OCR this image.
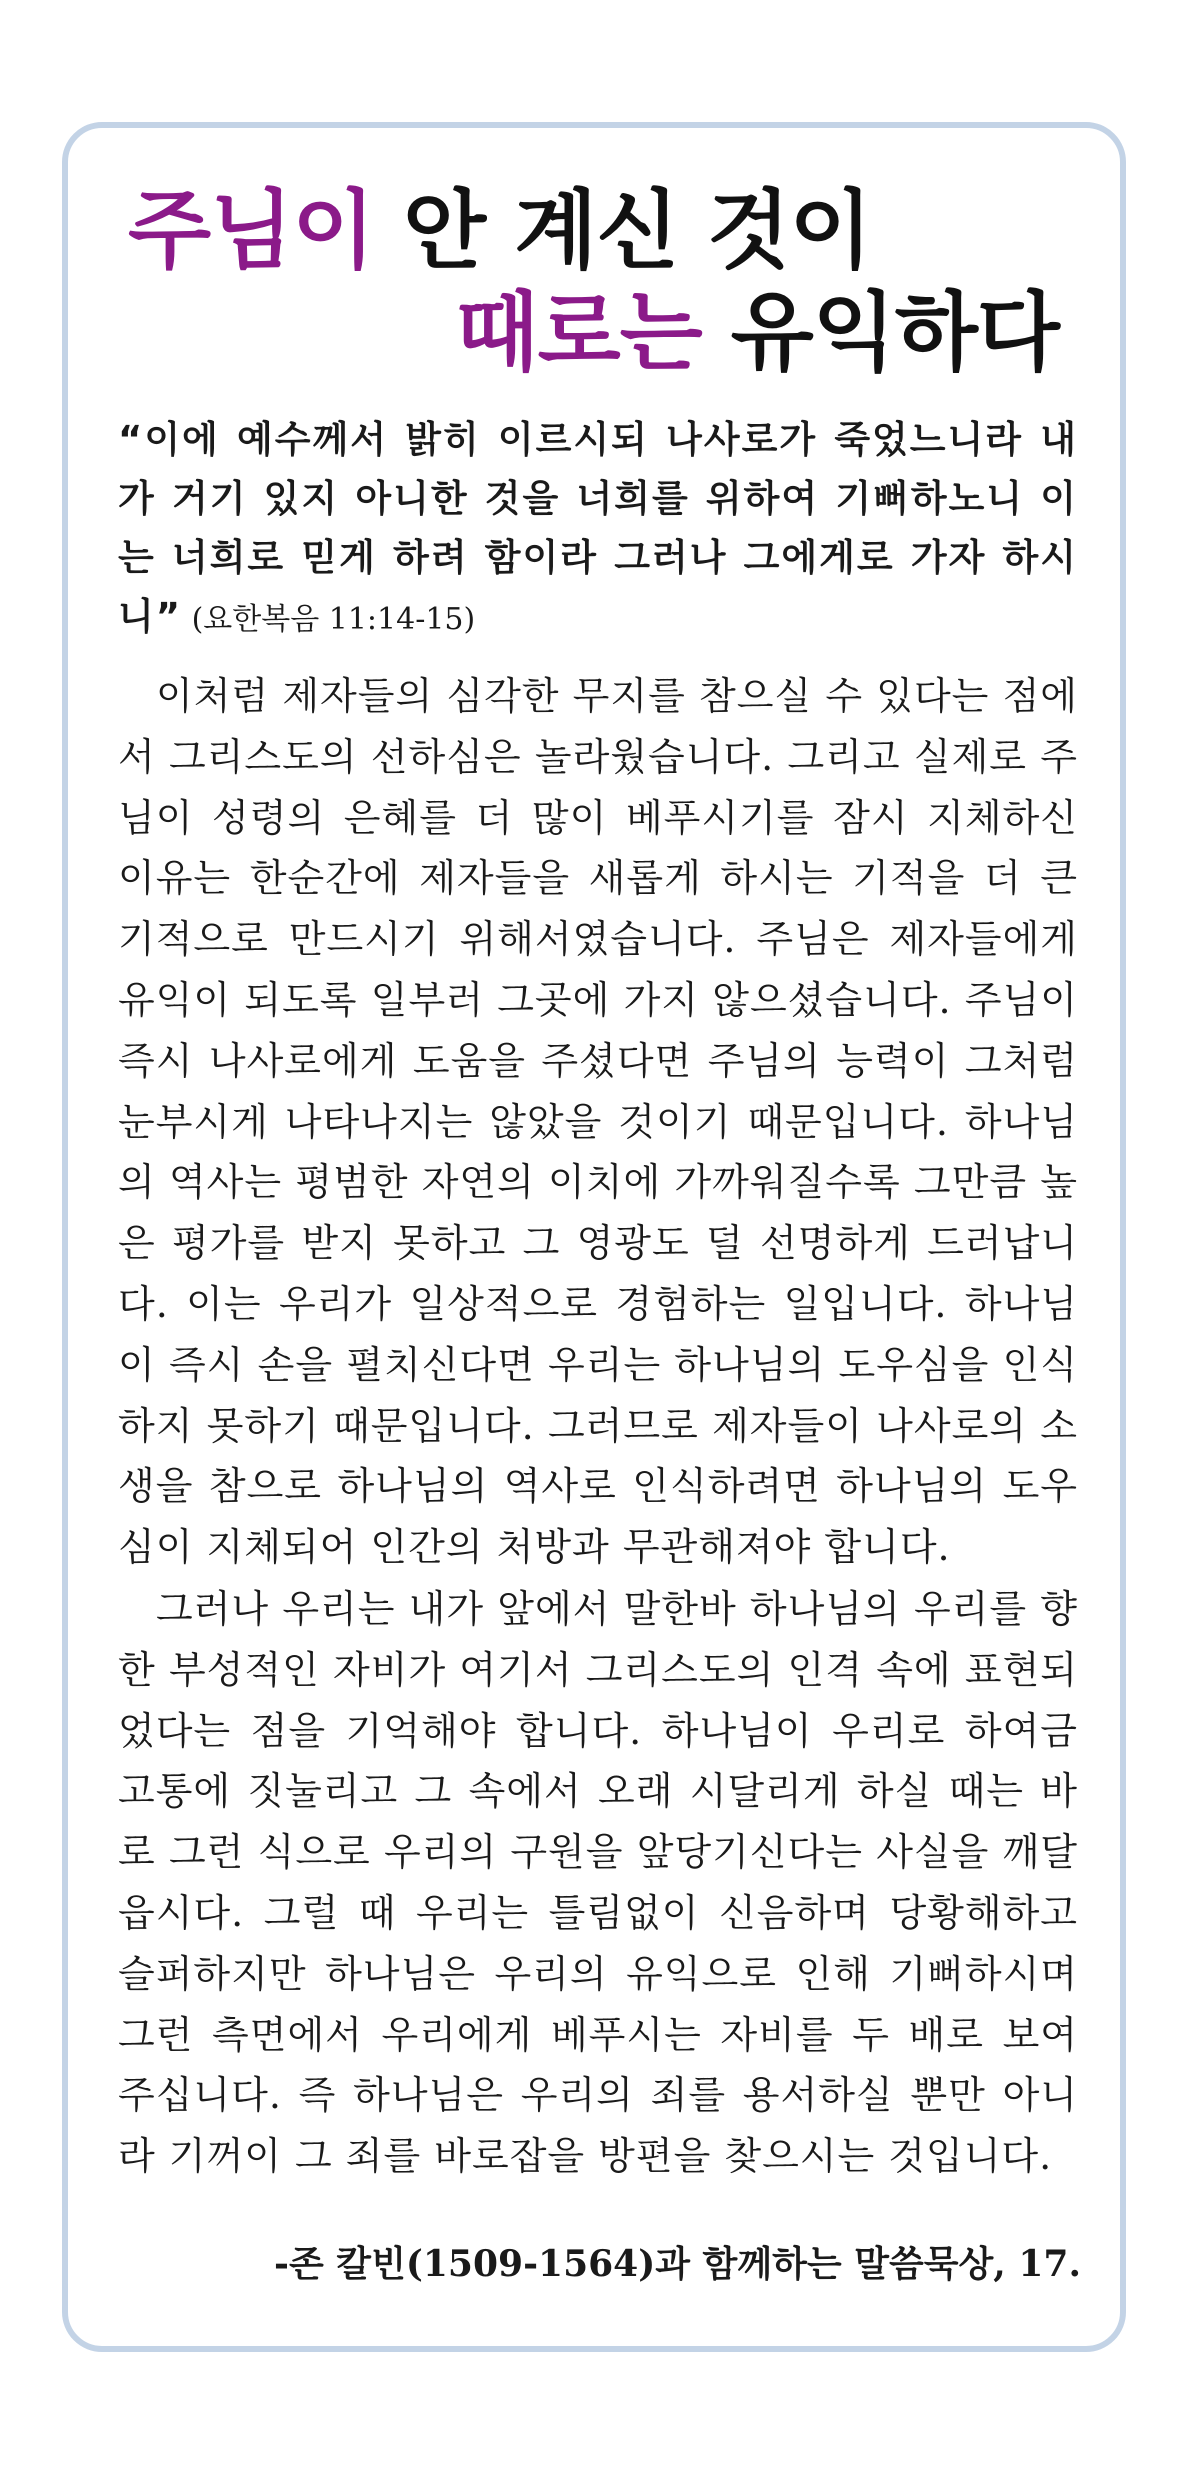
주님이 안 계신 것이
때로는 유익하다
“이에 예수께서 밝히 이르시되 나사로가 죽었느니라 내가 거기 있지 아니한 것을 너희를 위하여 기뻐하노니 이는 너희로 믿게 하려 함이라 그러나 그에게로 가자 하시니” (요한복음 11:14-15)

이처럼 제자들의 심각한 무지를 참으실 수 있다는 점에서 그리스도의 선하심은 놀라웠습니다. 그리고 실제로 주님이 성령의 은혜를 더 많이 베푸시기를 잠시 지체하신 이유는 한순간에 제자들을 새롭게 하시는 기적을 더 큰 기적으로 만드시기 위해서였습니다. 주님은 제자들에게 유익이 되도록 일부러 그곳에 가지 않으셨습니다. 주님이 즉시 나사로에게 도움을 주셨다면 주님의 능력이 그처럼 눈부시게 나타나지는 않았을 것이기 때문입니다. 하나님의 역사는 평범한 자연의 이치에 가까워질수록 그만큼 높은 평가를 받지 못하고 그 영광도 덜 선명하게 드러납니다. 이는 우리가 일상적으로 경험하는 일입니다. 하나님이 즉시 손을 펼치신다면 우리는 하나님의 도우심을 인식하지 못하기 때문입니다. 그러므로 제자들이 나사로의 소생을 참으로 하나님의 역사로 인식하려면 하나님의 도우심이 지체되어 인간의 처방과 무관해져야 합니다.

그러나 우리는 내가 앞에서 말한바 하나님의 우리를 향한 부성적인 자비가 여기서 그리스도의 인격 속에 표현되었다는 점을 기억해야 합니다. 하나님이 우리로 하여금 고통에 짓눌리고 그 속에서 오래 시달리게 하실 때는 바로 그런 식으로 우리의 구원을 앞당기신다는 사실을 깨달읍시다. 그럴 때 우리는 틀림없이 신음하며 당황해하고 슬퍼하지만 하나님은 우리의 유익으로 인해 기뻐하시며 그런 측면에서 우리에게 베푸시는 자비를 두 배로 보여 주십니다. 즉 하나님은 우리의 죄를 용서하실 뿐만 아니라 기꺼이 그 죄를 바로잡을 방편을 찾으시는 것입니다.

-존 칼빈(1509-1564)과 함께하는 말씀묵상, 17.
